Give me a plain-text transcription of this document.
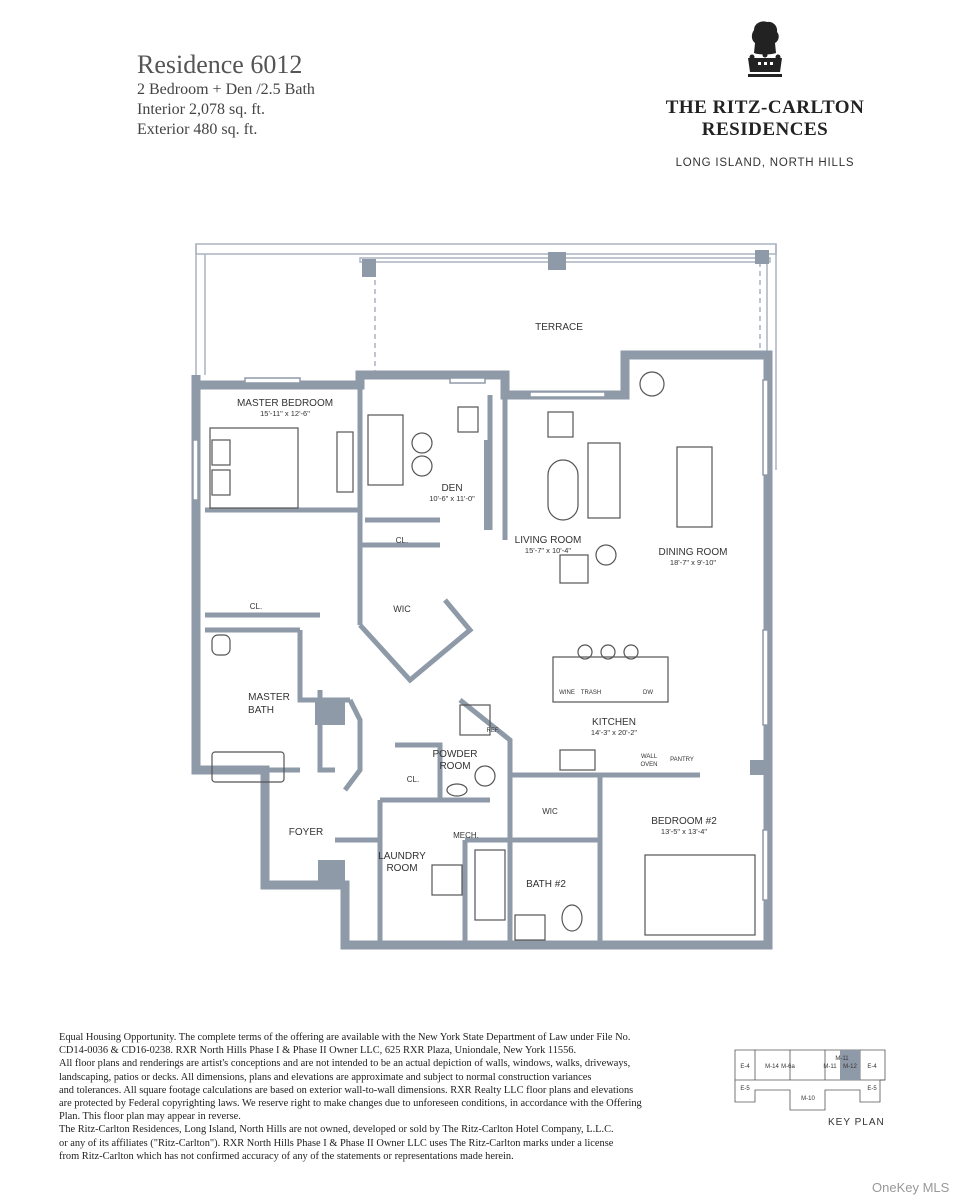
Residence 6012
2 Bedroom + Den /2.5 Bath
Interior 2,078 sq. ft.
Exterior 480 sq. ft.
THE RITZ-CARLTON
RESIDENCES
LONG ISLAND, NORTH HILLS
TERRACE
MASTER BEDROOM
15'-11" x 12'-6"
DEN
10'-6" x 11'-0"
LIVING ROOM
15'-7" x 10'-4"	DINING ROOM
18'-7" x 9'-10"
KITCHEN
14'-3" x 20'-2"
WIC
CL.
CL.
CL.
MASTER
BATH
POWDER
ROOM
FOYER
LAUNDRY
ROOM
MECH.
WIC
BATH #2
BEDROOM #2
13'-5" x 13'-4"
WINE TRASH	DW
REF.
WALL
OVEN
PANTRY

Equal Housing Opportunity. The complete terms of the offering are available with the New York State Department of Law under File No.

CD14-0036 & CD16-0238. RXR North Hills Phase I & Phase II Owner LLC, 625 RXR Plaza, Uniondale, New York 11556.

All floor plans and renderings are artist's conceptions and are not intended to be an actual depiction of walls, windows, walks, driveways,

landscaping, patios or decks. All dimensions, plans and elevations are approximate and subject to normal construction variances

and tolerances. All square footage calculations are based on exterior wall-to-wall dimensions. RXR Realty LLC floor plans and elevations

are protected by Federal copyrighting laws. We reserve right to make changes due to unforeseen conditions, in accordance with the Offering

Plan. This floor plan may appear in reverse.

The Ritz-Carlton Residences, Long Island, North Hills are not owned, developed or sold by The Ritz-Carlton Hotel Company, L.L.C.

or any of its affiliates ("Ritz-Carlton"). RXR North Hills Phase I & Phase II Owner LLC uses The Ritz-Carlton marks under a license

from Ritz-Carlton which has not confirmed accuracy of any of the statements or representations made herein.

E-4	M-14 M-6a
M-11
M-12 E-4
E-5
M-11
M-10
E-5
KEY PLAN
OneKey MLS
